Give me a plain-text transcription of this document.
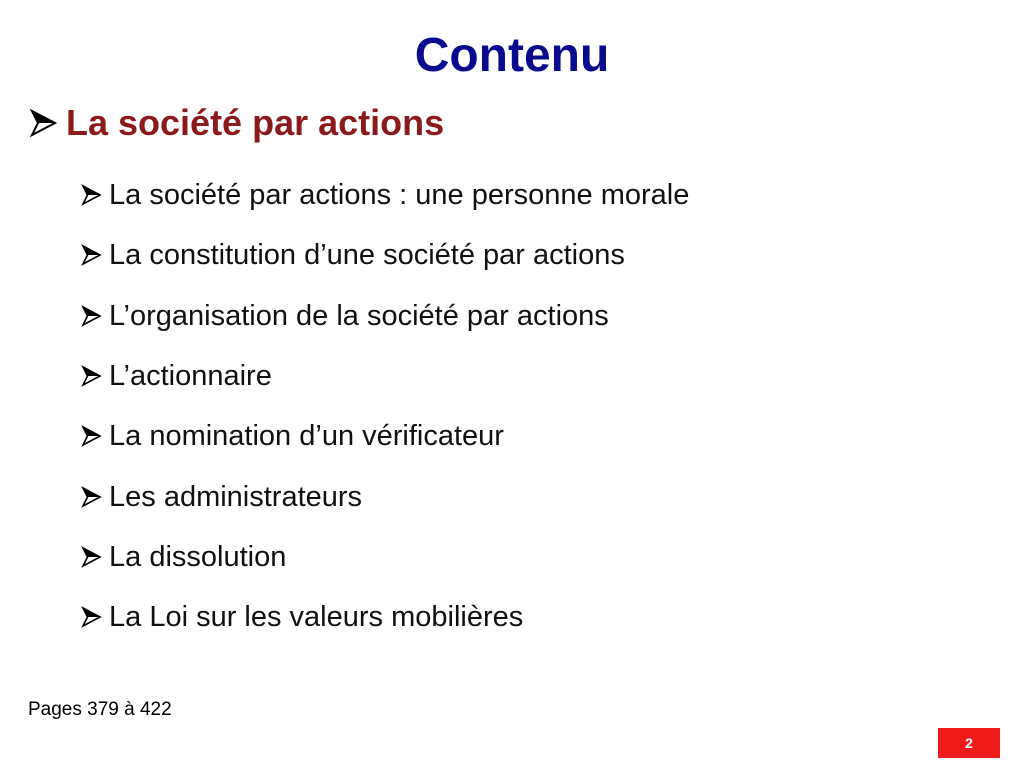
Contenu
La société par actions
La société par actions : une personne morale
La constitution d’une société par actions
L’organisation de la société par actions
L’actionnaire
La nomination d’un vérificateur
Les administrateurs
La dissolution
La Loi sur les valeurs mobilières
Pages 379 à 422
2
